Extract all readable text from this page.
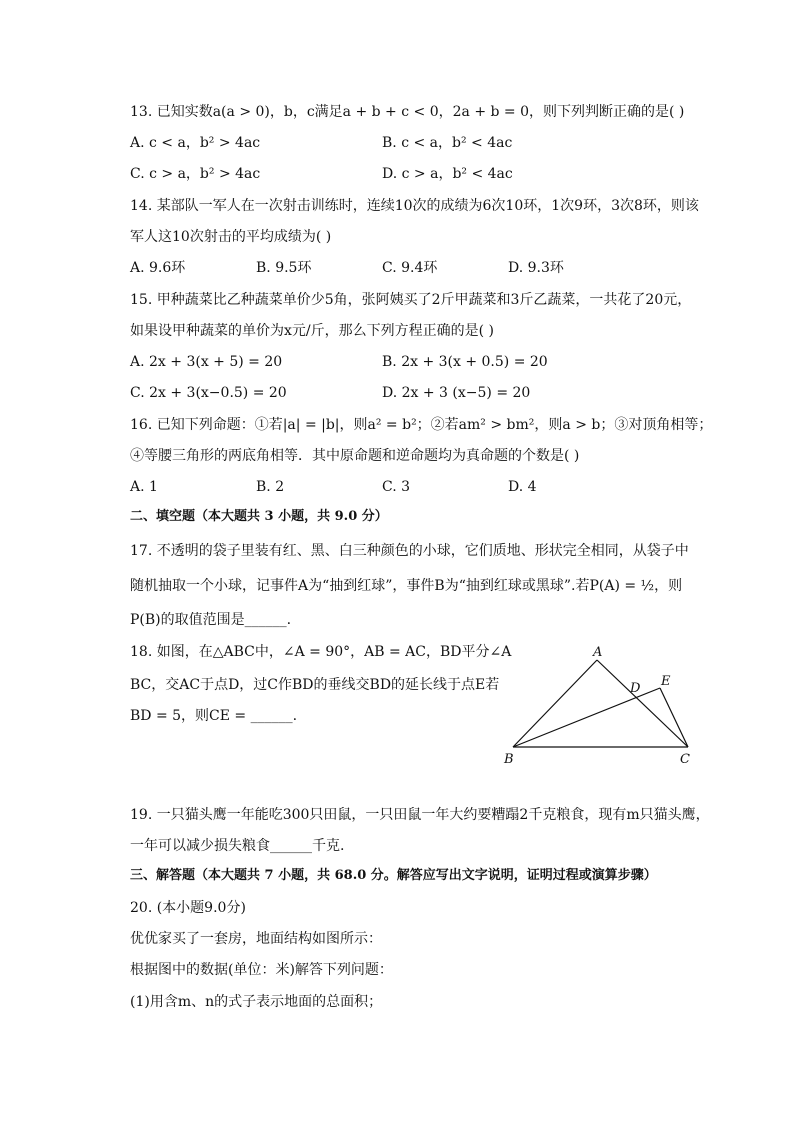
13. 已知实数a(a > 0)，b，c满足a + b + c < 0，2a + b = 0，则下列判断正确的是( )
A. c < a，b² > 4ac	B. c < a，b² < 4ac
C. c > a，b² > 4ac	D. c > a，b² < 4ac
14. 某部队一军人在一次射击训练时，连续10次的成绩为6次10环，1次9环，3次8环，则该
军人这10次射击的平均成绩为( )
A. 9.6环	B. 9.5环	C. 9.4环	D. 9.3环
15. 甲种蔬菜比乙种蔬菜单价少5角，张阿姨买了2斤甲蔬菜和3斤乙蔬菜，一共花了20元，
如果设甲种蔬菜的单价为x元/斤，那么下列方程正确的是( )
A. 2x + 3(x + 5) = 20	B. 2x + 3(x + 0.5) = 20
C. 2x + 3(x−0.5) = 20	D. 2x + 3 (x−5) = 20
16. 已知下列命题：①若|a| = |b|，则a² = b²；②若am² > bm²，则a > b；③对顶角相等；
④等腰三角形的两底角相等．其中原命题和逆命题均为真命题的个数是( )
A. 1	B. 2	C. 3	D. 4
二、填空题（本大题共 3 小题，共 9.0 分）
17. 不透明的袋子里装有红、黑、白三种颜色的小球，它们质地、形状完全相同，从袋子中
随机抽取一个小球，记事件A为“抽到红球”，事件B为“抽到红球或黑球”.若P(A) = ½，则
P(B)的取值范围是______.
18. 如图，在△ABC中，∠A = 90°，AB = AC，BD平分∠A
BC，交AC于点D，过C作BD的垂线交BD的延长线于点E若
BD = 5，则CE = ______.
A
B	C
D E
19. 一只猫头鹰一年能吃300只田鼠，一只田鼠一年大约要糟蹋2千克粮食，现有m只猫头鹰，
一年可以减少损失粮食______千克.
三、解答题（本大题共 7 小题，共 68.0 分。解答应写出文字说明，证明过程或演算步骤）
20. (本小题9.0分)
优优家买了一套房，地面结构如图所示：
根据图中的数据(单位：米)解答下列问题：
(1)用含m、n的式子表示地面的总面积；
